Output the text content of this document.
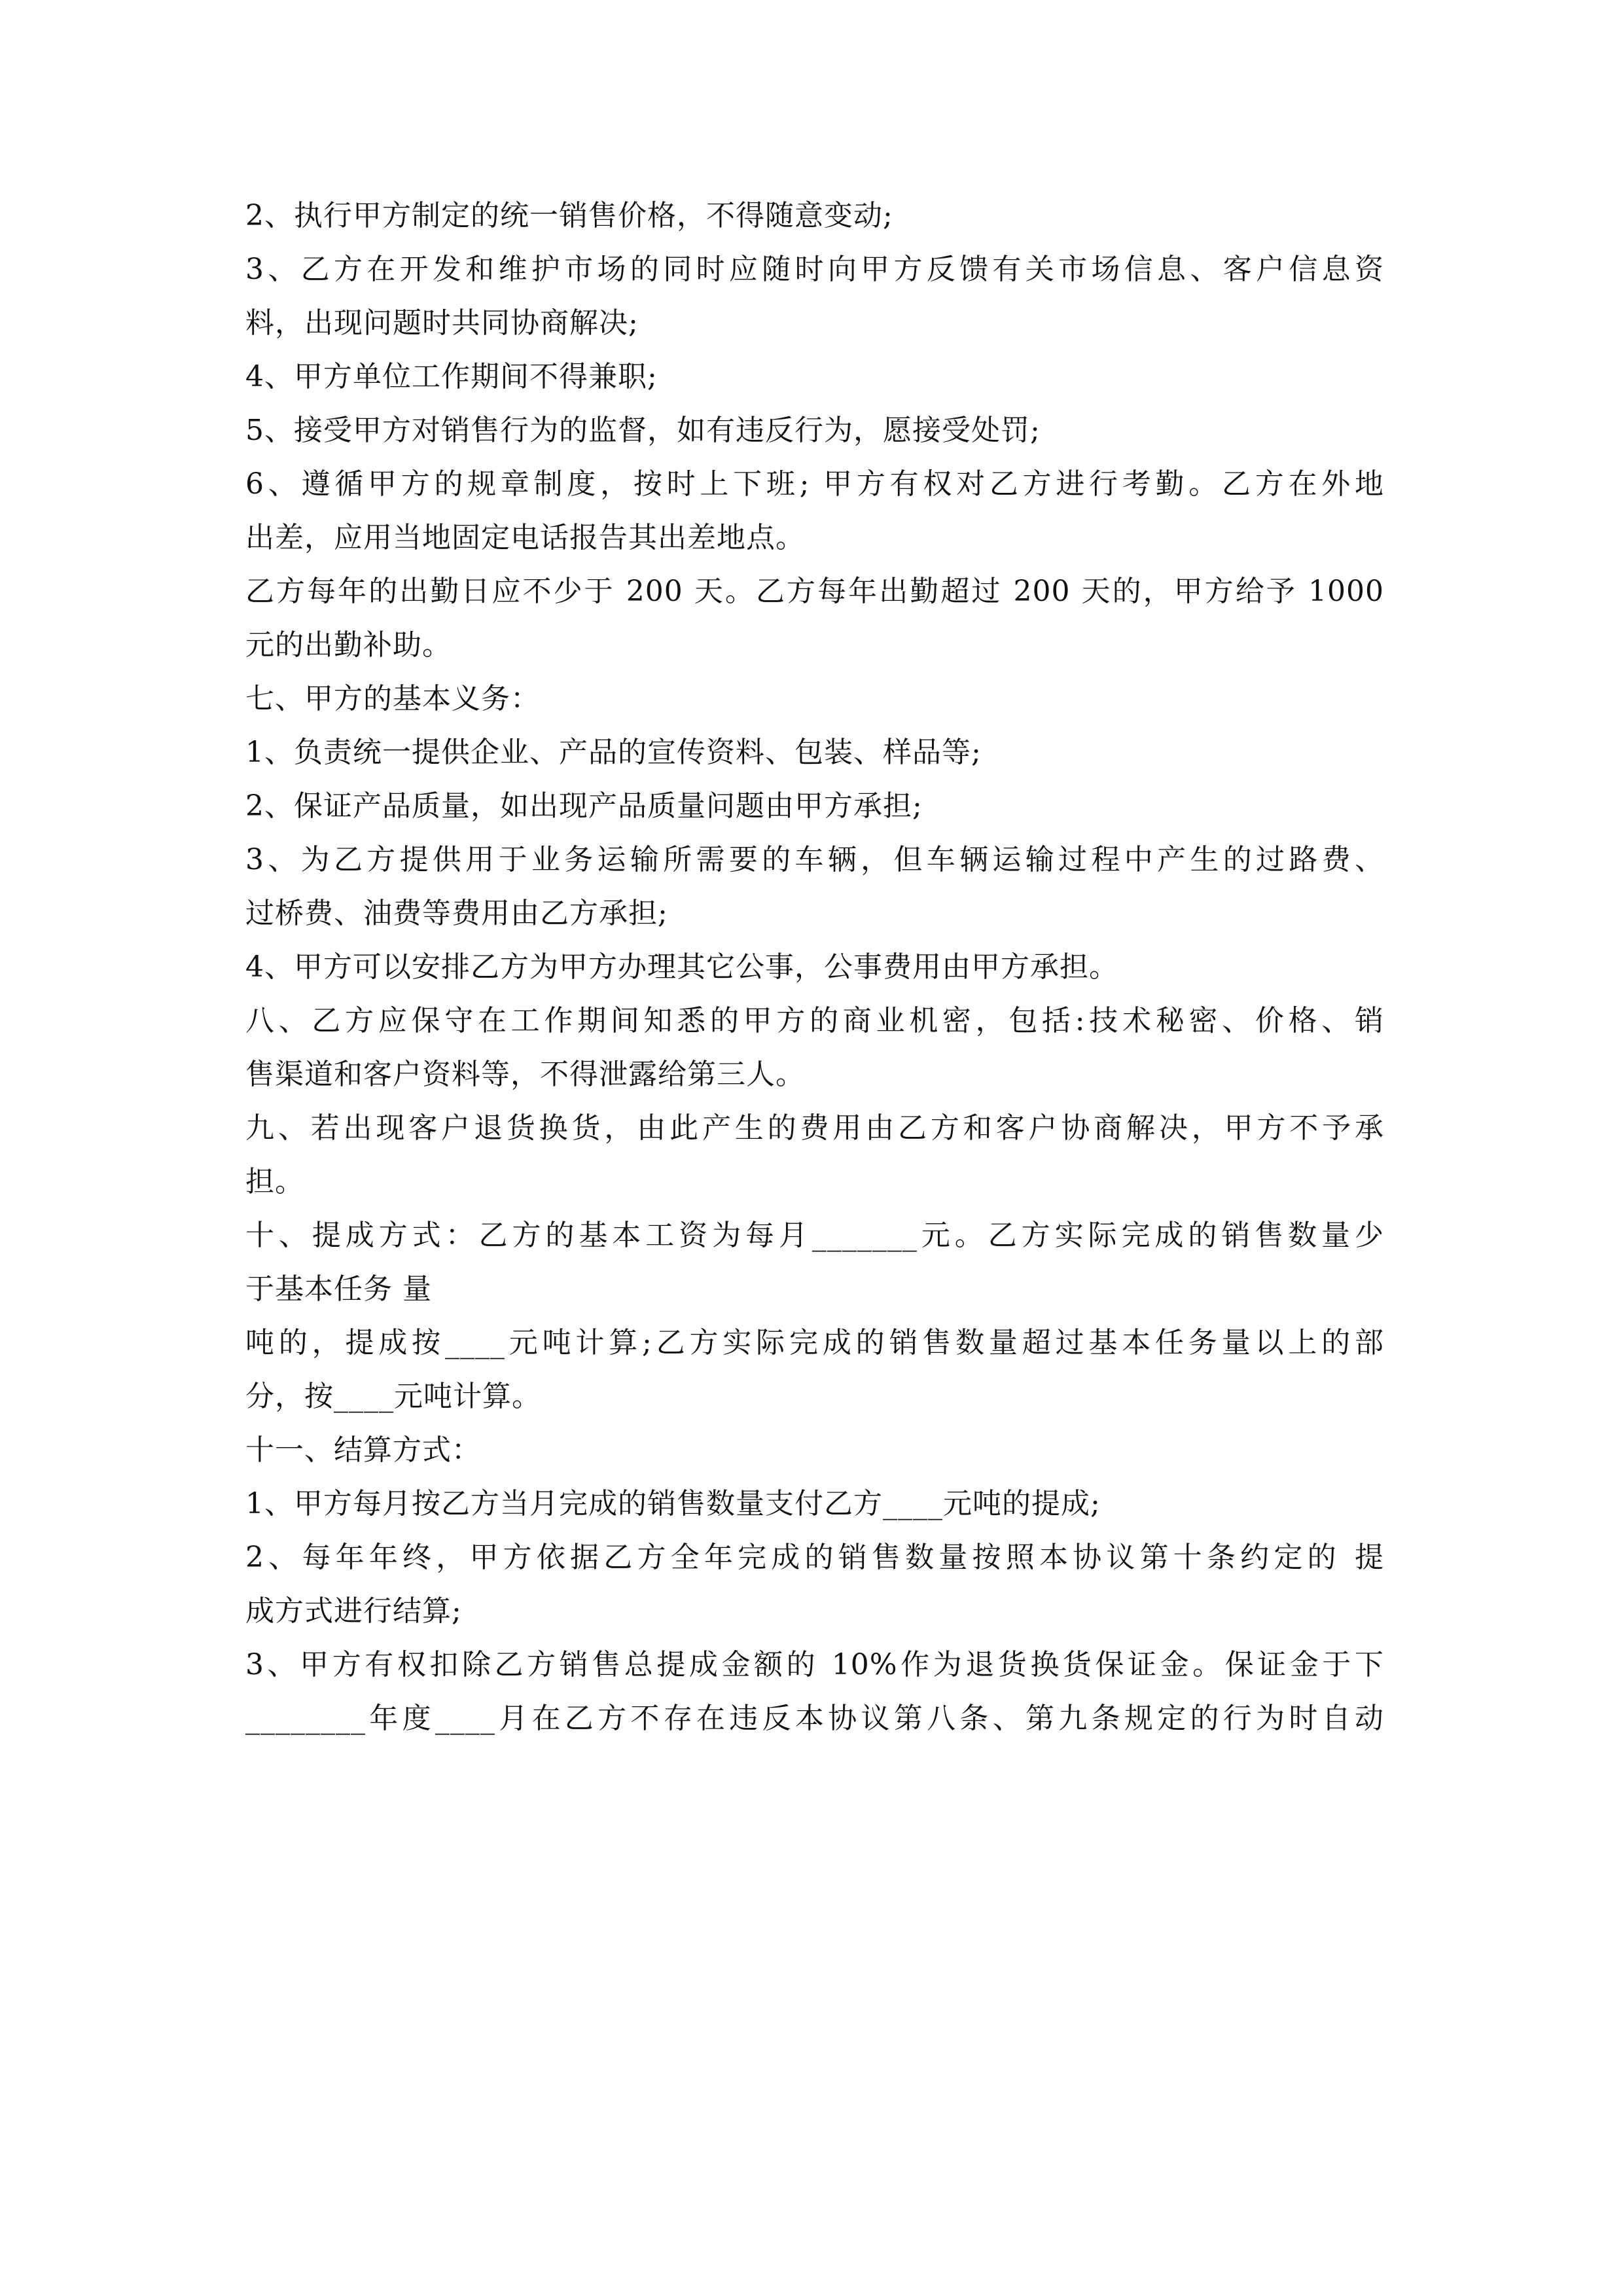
2、执行甲方制定的统一销售价格，不得随意变动;
3、乙方在开发和维护市场的同时应随时向甲方反馈有关市场信息、客户信息资
料，出现问题时共同协商解决;
4、甲方单位工作期间不得兼职;
5、接受甲方对销售行为的监督，如有违反行为，愿接受处罚;
6、遵循甲方的规章制度，按时上下班; 甲方有权对乙方进行考勤。乙方在外地
出差，应用当地固定电话报告其出差地点。
乙方每年的出勤日应不少于 200 天。乙方每年出勤超过 200 天的，甲方给予 1000
元的出勤补助。
七、甲方的基本义务：
1、负责统一提供企业、产品的宣传资料、包装、样品等;
2、保证产品质量，如出现产品质量问题由甲方承担;
3、为乙方提供用于业务运输所需要的车辆，但车辆运输过程中产生的过路费、
过桥费、油费等费用由乙方承担;
4、甲方可以安排乙方为甲方办理其它公事，公事费用由甲方承担。
八、乙方应保守在工作期间知悉的甲方的商业机密，包括:技术秘密、价格、销
售渠道和客户资料等，不得泄露给第三人。
九、若出现客户退货换货，由此产生的费用由乙方和客户协商解决，甲方不予承
担。
十、提成方式：乙方的基本工资为每月_______元。乙方实际完成的销售数量少
于基本任务 量
吨的，提成按____元吨计算;乙方实际完成的销售数量超过基本任务量以上的部
分，按____元吨计算。
十一、结算方式：
1、甲方每月按乙方当月完成的销售数量支付乙方____元吨的提成;
2、每年年终，甲方依据乙方全年完成的销售数量按照本协议第十条约定的 提
成方式进行结算;
3、甲方有权扣除乙方销售总提成金额的 10%作为退货换货保证金。保证金于下
________年度____月在乙方不存在违反本协议第八条、第九条规定的行为时自动
